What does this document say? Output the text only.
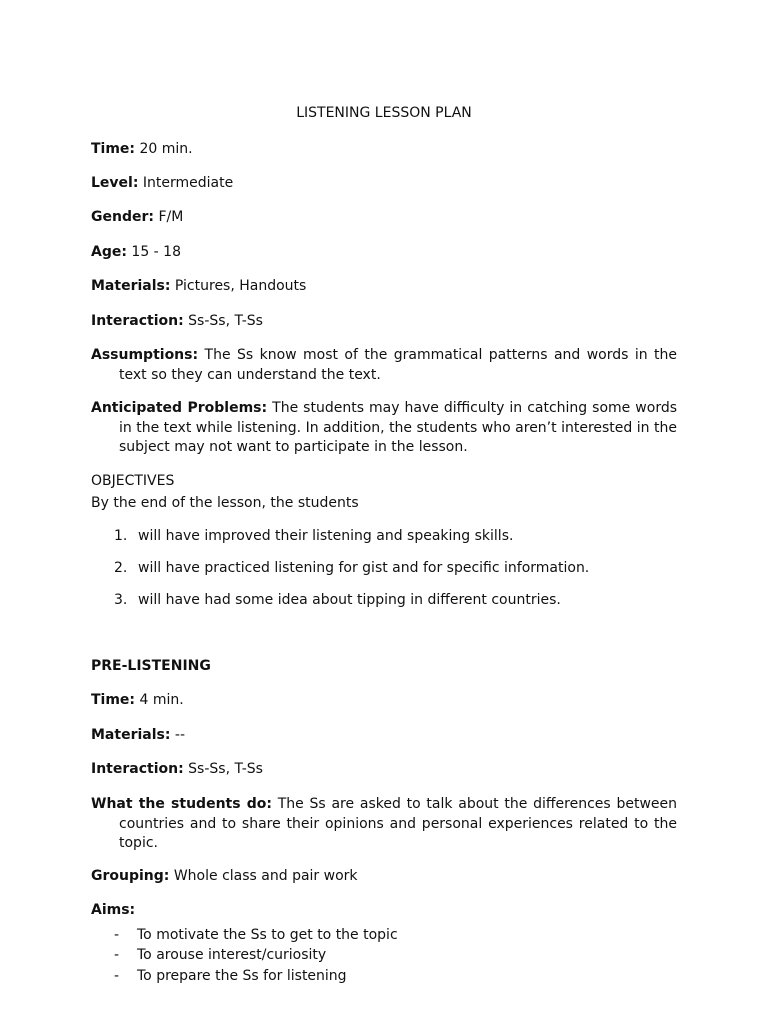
LISTENING LESSON PLAN

Time: 20 min.

Level: Intermediate

Gender: F/M

Age: 15 - 18

Materials: Pictures, Handouts

Interaction: Ss-Ss, T-Ss

Assumptions: The Ss know most of the grammatical patterns and words in the text so they can understand the text.

Anticipated Problems: The students may have difficulty in catching some words in the text while listening. In addition, the students who aren’t interested in the subject may not want to participate in the lesson.

OBJECTIVES

By the end of the lesson, the students

1. will have improved their listening and speaking skills.

2. will have practiced listening for gist and for specific information.

3. will have had some idea about tipping in different countries.

PRE-LISTENING

Time: 4 min.

Materials: --

Interaction: Ss-Ss, T-Ss

What the students do: The Ss are asked to talk about the differences between countries and to share their opinions and personal experiences related to the topic.

Grouping: Whole class and pair work

Aims:

- To motivate the Ss to get to the topic

- To arouse interest/curiosity

- To prepare the Ss for listening
